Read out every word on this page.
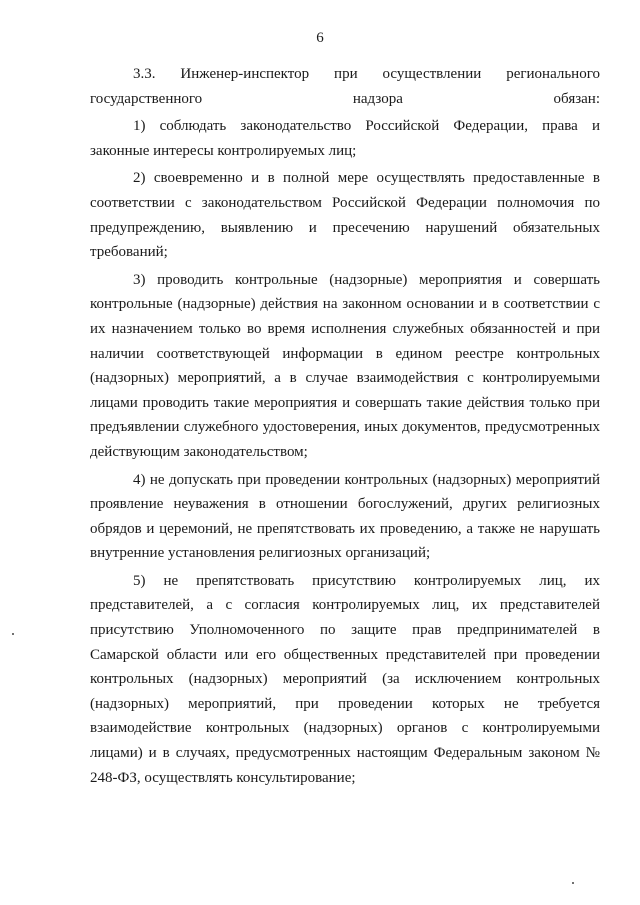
6

3.3. Инженер-инспектор при осуществлении регионального государственного надзора обязан:

1) соблюдать законодательство Российской Федерации, права и законные интересы контролируемых лиц;

2) своевременно и в полной мере осуществлять предоставленные в соответствии с законодательством Российской Федерации полномочия по предупреждению, выявлению и пресечению нарушений обязательных требований;

3) проводить контрольные (надзорные) мероприятия и совершать контрольные (надзорные) действия на законном основании и в соответствии с их назначением только во время исполнения служебных обязанностей и при наличии соответствующей информации в едином реестре контрольных (надзорных) мероприятий, а в случае взаимодействия с контролируемыми лицами проводить такие мероприятия и совершать такие действия только при предъявлении служебного удостоверения, иных документов, предусмотренных действующим законодательством;

4) не допускать при проведении контрольных (надзорных) мероприятий проявление неуважения в отношении богослужений, других религиозных обрядов и церемоний, не препятствовать их проведению, а также не нарушать внутренние установления религиозных организаций;

5) не препятствовать присутствию контролируемых лиц, их представителей, а с согласия контролируемых лиц, их представителей присутствию Уполномоченного по защите прав предпринимателей в Самарской области или его общественных представителей при проведении контрольных (надзорных) мероприятий (за исключением контрольных (надзорных) мероприятий, при проведении которых не требуется взаимодействие контрольных (надзорных) органов с контролируемыми лицами) и в случаях, предусмотренных настоящим Федеральным законом № 248-ФЗ, осуществлять консультирование;
